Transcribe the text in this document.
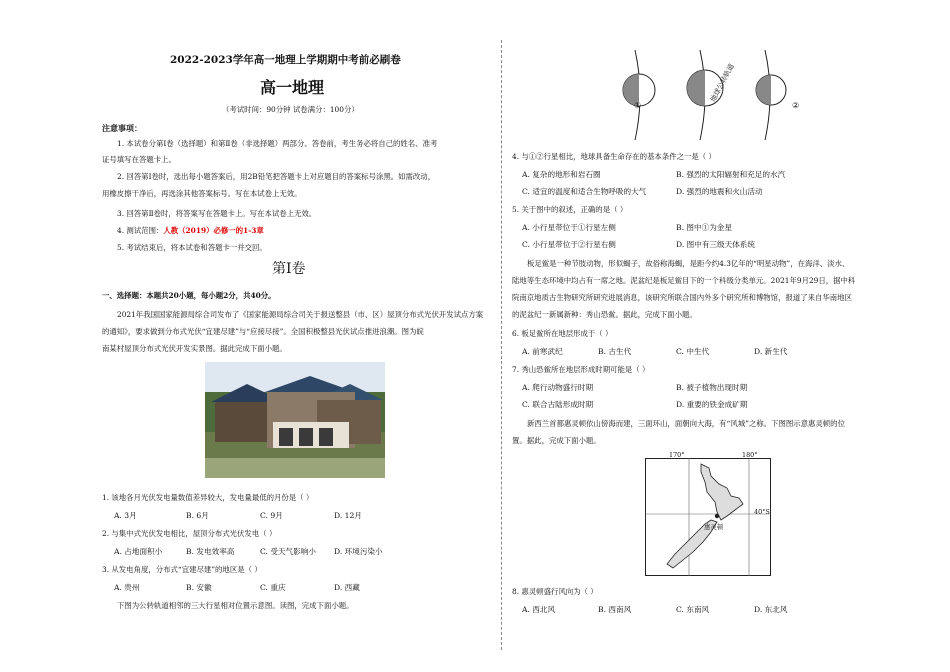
2022-2023学年高一地理上学期期中考前必刷卷
高一地理
（考试时间：90分钟 试卷满分：100分）
注意事项：
1. 本试卷分第Ⅰ卷（选择题）和第Ⅱ卷（非选择题）两部分。答卷前，考生务必将自己的姓名、准考
证号填写在答题卡上。
2. 回答第Ⅰ卷时，选出每小题答案后，用2B铅笔把答题卡上对应题目的答案标号涂黑。如需改动，
用橡皮擦干净后，再选涂其他答案标号。写在本试卷上无效。
3. 回答第Ⅱ卷时，将答案写在答题卡上。写在本试卷上无效。
4. 测试范围：人教（2019）必修一的1-3章
5. 考试结束后，将本试卷和答题卡一并交回。
第Ⅰ卷
一、选择题：本题共20小题，每小题2分，共40分。
2021年我国国家能源局综合司发布了《国家能源局综合司关于报送整县（市、区）屋顶分布式光伏开发试点方案
的通知》，要求做到分布式光伏“宜建尽建”与“应接尽接”。全国积极整县光伏试点推进浪潮。图为皖
南某村屋顶分布式光伏开发实景图。据此完成下面小题。
1. 该地各月光伏发电量数值差异较大，发电量最低的月份是（ ）
A. 3月	B. 6月	C. 9月	D. 12月
2. 与集中式光伏发电相比，屋顶分布式光伏发电（ ）
A. 占地面积小	B. 发电效率高	C. 受天气影响小 D. 环境污染小
3. 从发电角度，分布式“宜建尽建”的地区是（ ）
A. 贵州	B. 安徽	C. 重庆	D. 西藏
下图为公转轨道相邻的三大行星相对位置示意图。读图，完成下面小题。
①	②
地球公转轨道
4. 与①②行星相比，地球具备生命存在的基本条件之一是（ ）
A. 复杂的地形和岩石圈	B. 强烈的太阳辐射和充足的水汽
C. 适宜的温度和适合生物呼吸的大气	D. 强烈的地震和火山活动
5. 关于图中的叙述，正确的是（ ）
A. 小行星带位于①行星左侧	B. 图中①为金星
C. 小行星带位于②行星右侧	D. 图中有三级天体系统
板足鲎是一种节肢动物，形似蝎子，故俗称海蝎，是距今约4.3亿年的“明星动物”，在海洋、淡水、
陆地等生态环境中均占有一席之地。泥盆纪是板足鲎目下的一个科级分类单元。2021年9月29日，据中科
院南京地质古生物研究所研究进展消息，该研究所联合国内外多个研究所和博物馆，报道了来自华南地区
的泥盆纪一新属新种：秀山恐鲎。据此，完成下面小题。
6. 板足鲎所在地层形成于（ ）
A. 前寒武纪	B. 古生代	C. 中生代	D. 新生代
7. 秀山恐鲎所在地层形成时期可能是（ ）
A. 爬行动物盛行时期	B. 被子植物出现时期
C. 联合古陆形成时期	D. 重要的铁金成矿期
新西兰首都惠灵顿依山傍海而建，三面环山，面朝向大海，有“风城”之称。下图图示意惠灵顿的位
置。据此，完成下面小题。
170°	180°
40°S
惠灵顿
8. 惠灵顿盛行风向为（ ）
A. 西北风	B. 西南风	C. 东南风	D. 东北风
